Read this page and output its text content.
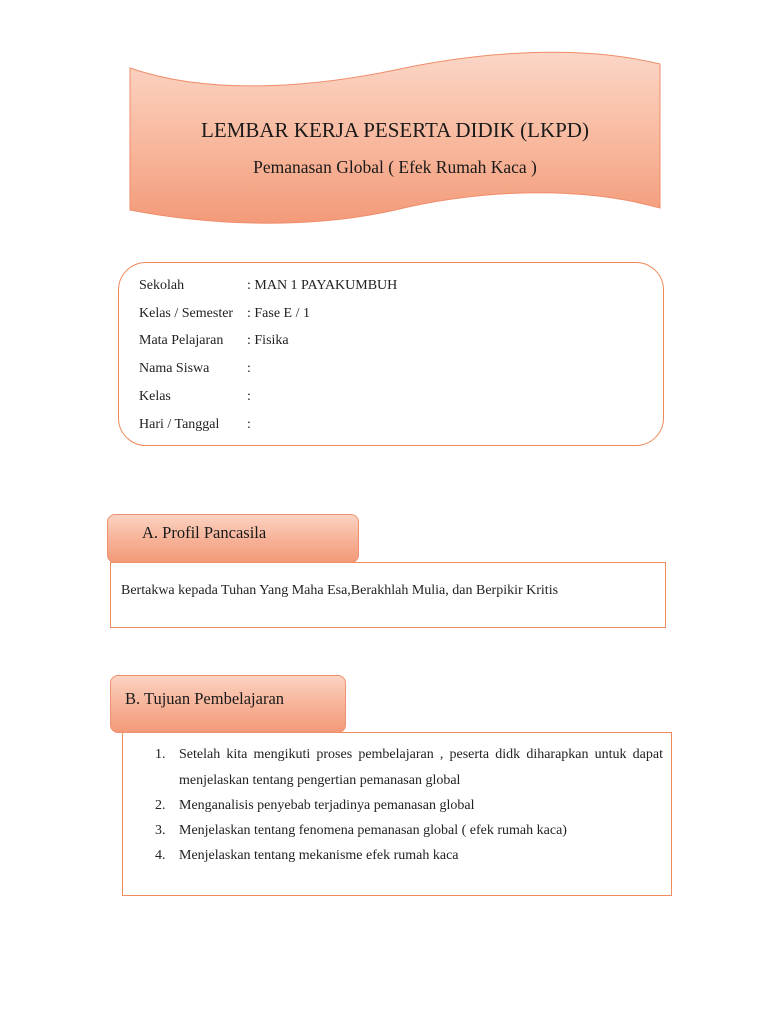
LEMBAR KERJA PESERTA DIDIK (LKPD)
Pemanasan Global ( Efek Rumah Kaca )
Sekolah	: MAN 1 PAYAKUMBUH
Kelas / Semester : Fase E / 1
Mata Pelajaran : Fisika
Nama Siswa	:
Kelas	:
Hari / Tanggal :
Bertakwa kepada Tuhan Yang Maha Esa,Berakhlah Mulia, dan Berpikir Kritis
A. Profil Pancasila
1. Setelah kita mengikuti proses pembelajaran , peserta didk diharapkan untuk dapat menjelaskan tentang pengertian pemanasan global
2. Menganalisis penyebab terjadinya pemanasan global
3. Menjelaskan tentang fenomena pemanasan global ( efek rumah kaca)
4. Menjelaskan tentang mekanisme efek rumah kaca
B. Tujuan Pembelajaran
